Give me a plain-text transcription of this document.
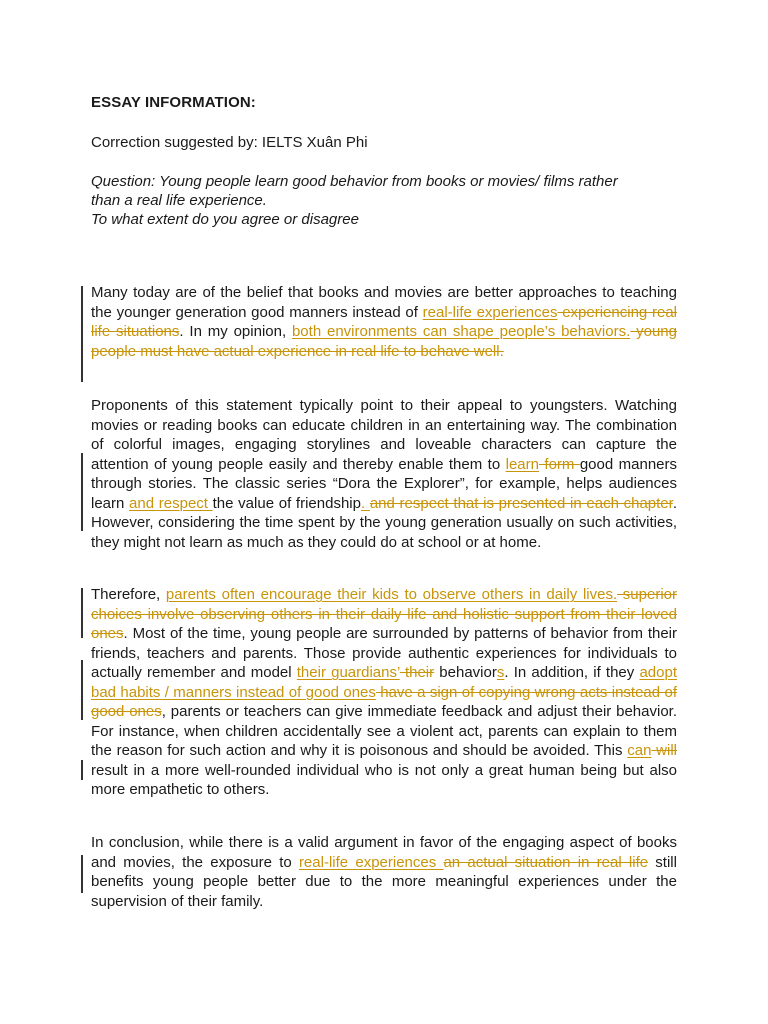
ESSAY INFORMATION:
Correction suggested by: IELTS Xuân Phi
Question: Young people learn good behavior from books or movies/ films rather
than a real life experience.
To what extent do you agree or disagree
Many today are of the belief that books and movies are better approaches to teaching the younger generation good manners instead of real-life experiences experiencing real life situations. In my opinion, both environments can shape people’s behaviors. young people must have actual experience in real life to behave well.
Proponents of this statement typically point to their appeal to youngsters. Watching movies or reading books can educate children in an entertaining way. The combination of colorful images, engaging storylines and loveable characters can capture the attention of young people easily and thereby enable them to learn form good manners through stories. The classic series “Dora the Explorer”, for example, helps audiences learn and respect the value of friendship. and respect that is presented in each chapter. However, considering the time spent by the young generation usually on such activities, they might not learn as much as they could do at school or at home.
Therefore, parents often encourage their kids to observe others in daily lives. superior choices involve observing others in their daily life and holistic support from their loved ones. Most of the time, young people are surrounded by patterns of behavior from their friends, teachers and parents. Those provide authentic experiences for individuals to actually remember and model their guardians’ their behaviors. In addition, if they adopt bad habits / manners instead of good ones have a sign of copying wrong acts instead of good ones, parents or teachers can give immediate feedback and adjust their behavior. For instance, when children accidentally see a violent act, parents can explain to them the reason for such action and why it is poisonous and should be avoided. This can will result in a more well-rounded individual who is not only a great human being but also more empathetic to others.
In conclusion, while there is a valid argument in favor of the engaging aspect of books and movies, the exposure to real-life experiences an actual situation in real life still benefits young people better due to the more meaningful experiences under the supervision of their family.
